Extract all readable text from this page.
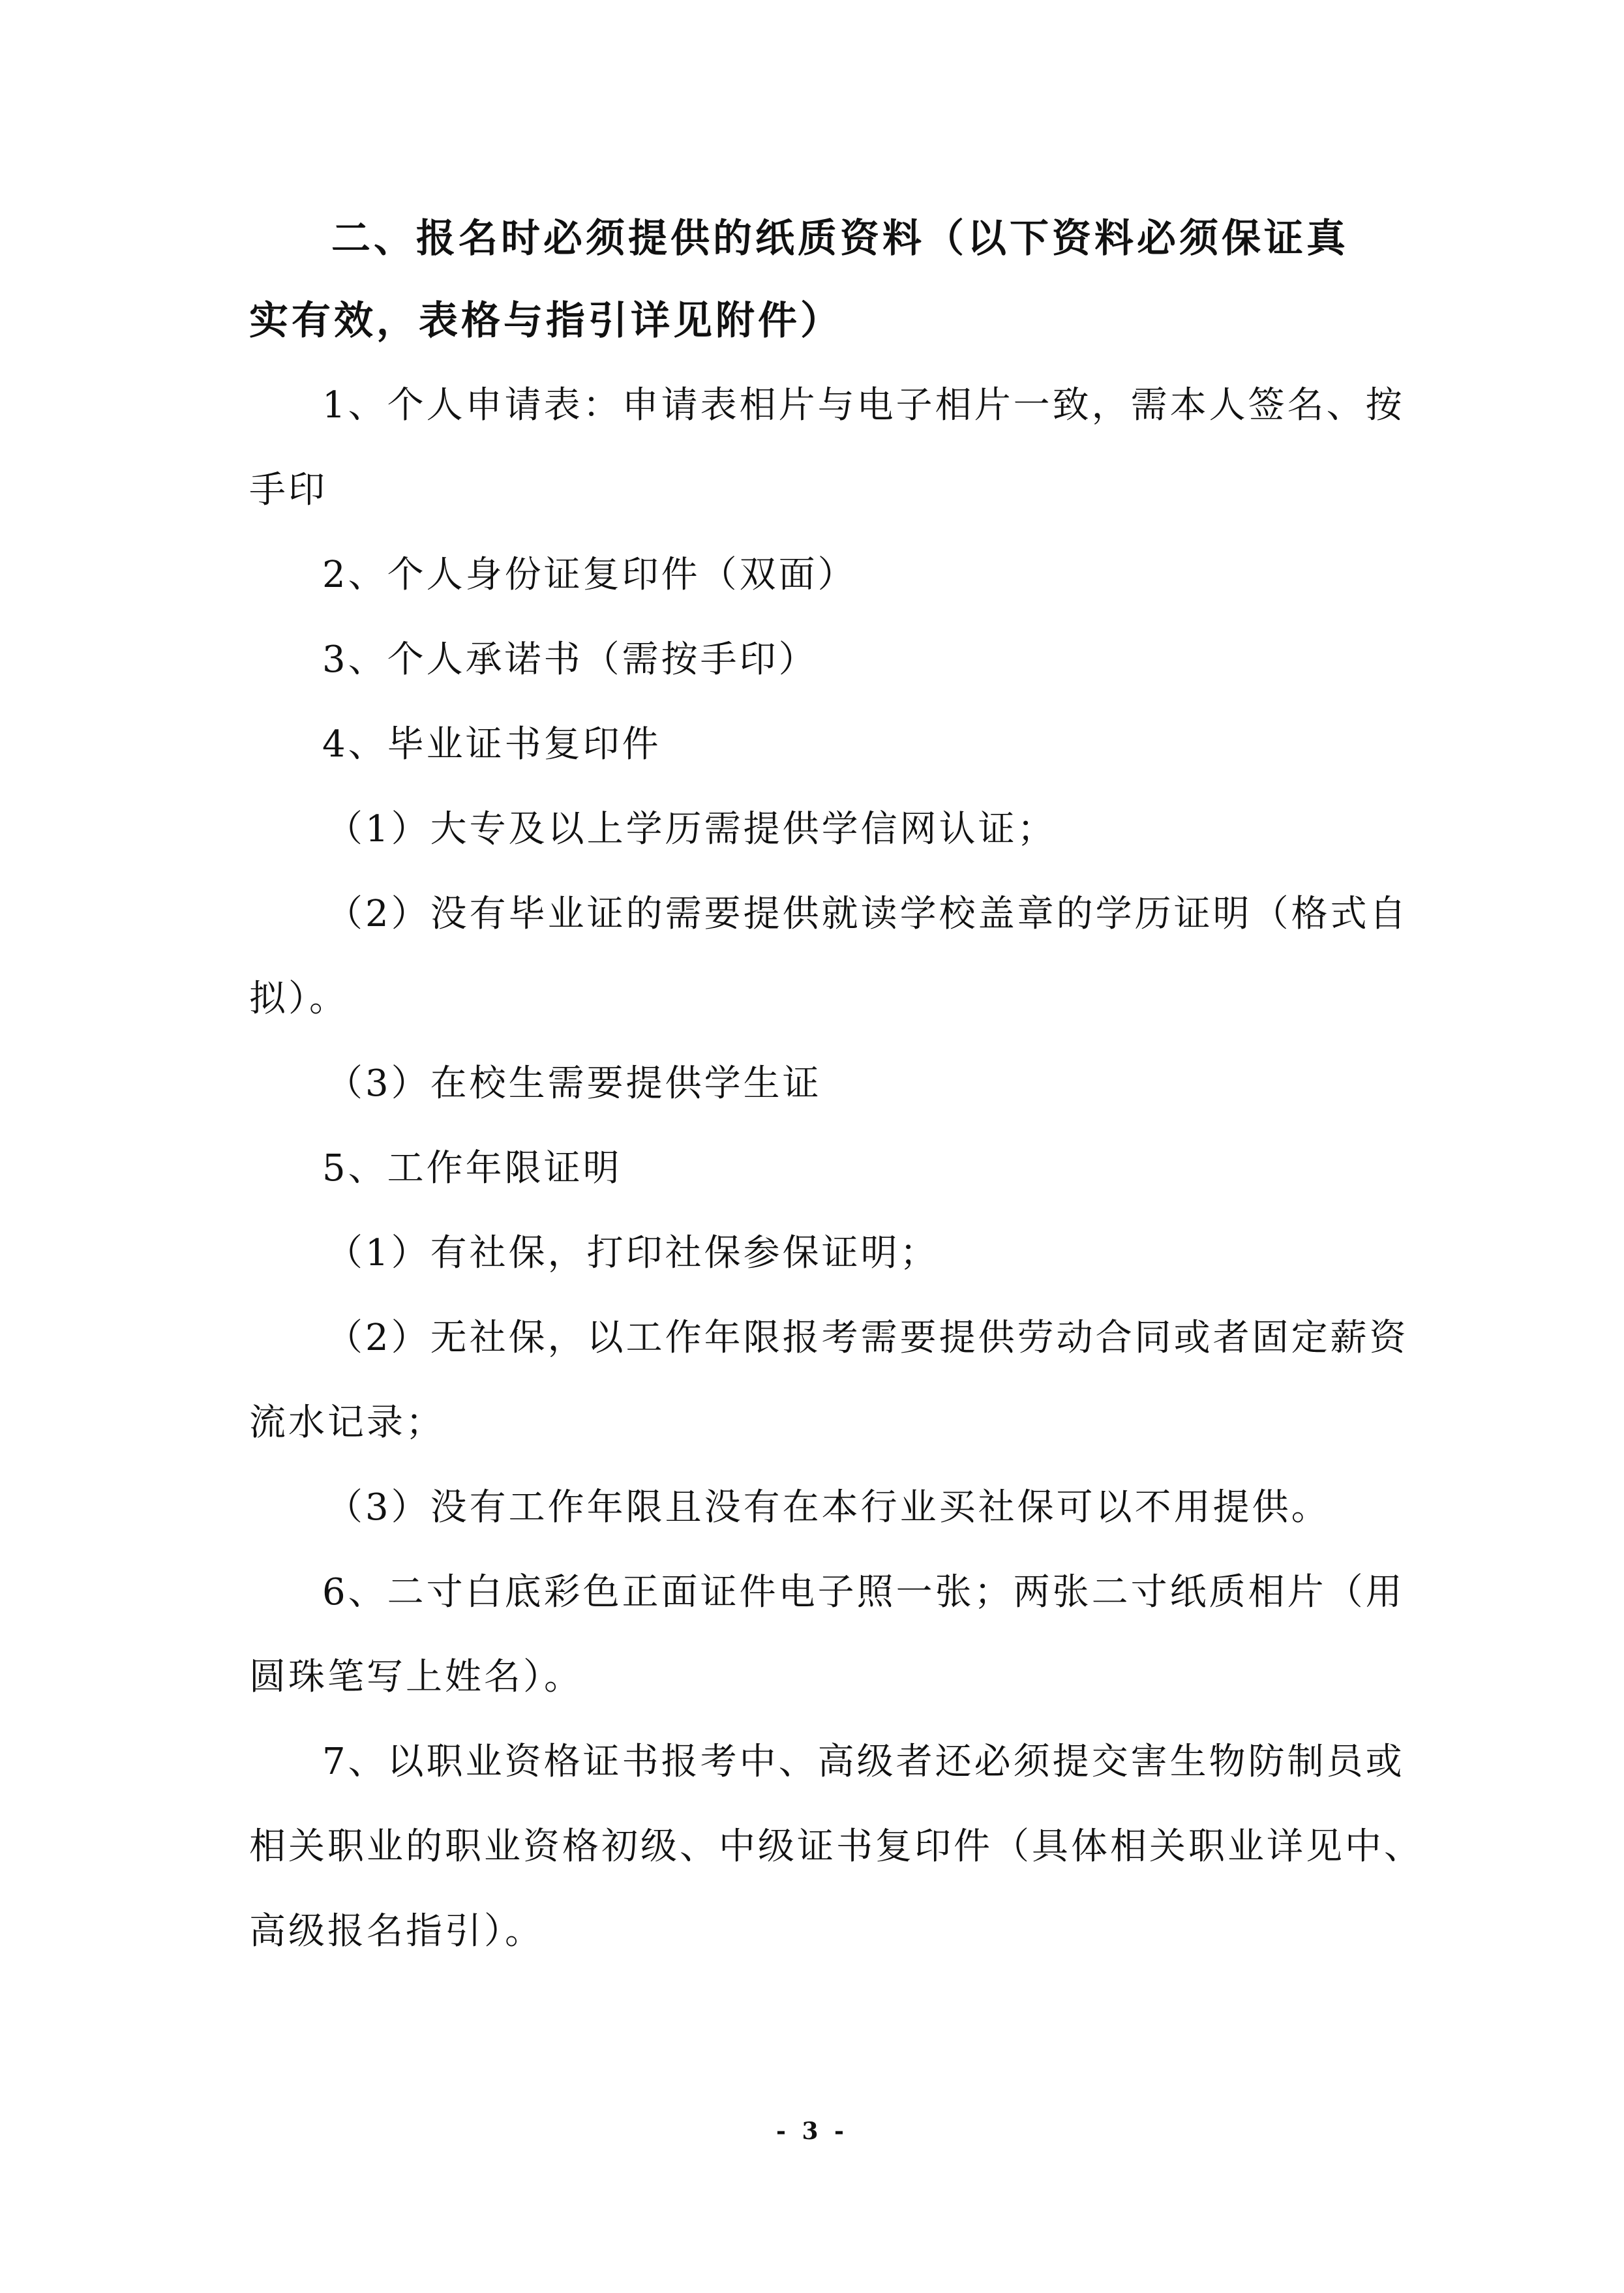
二、报名时必须提供的纸质资料（以下资料必须保证真

实有效，表格与指引详见附件）

1、个人申请表：申请表相片与电子相片一致，需本人签名、按

手印

2、个人身份证复印件（双面）

3、个人承诺书（需按手印）

4、毕业证书复印件

（1）大专及以上学历需提供学信网认证；

（2）没有毕业证的需要提供就读学校盖章的学历证明（格式自

拟）。

（3）在校生需要提供学生证

5、工作年限证明

（1）有社保，打印社保参保证明；

（2）无社保，以工作年限报考需要提供劳动合同或者固定薪资

流水记录；

（3）没有工作年限且没有在本行业买社保可以不用提供。

6、二寸白底彩色正面证件电子照一张；两张二寸纸质相片（用

圆珠笔写上姓名）。

7、以职业资格证书报考中、高级者还必须提交害生物防制员或

相关职业的职业资格初级、中级证书复印件（具体相关职业详见中、

高级报名指引）。

- 3 -
